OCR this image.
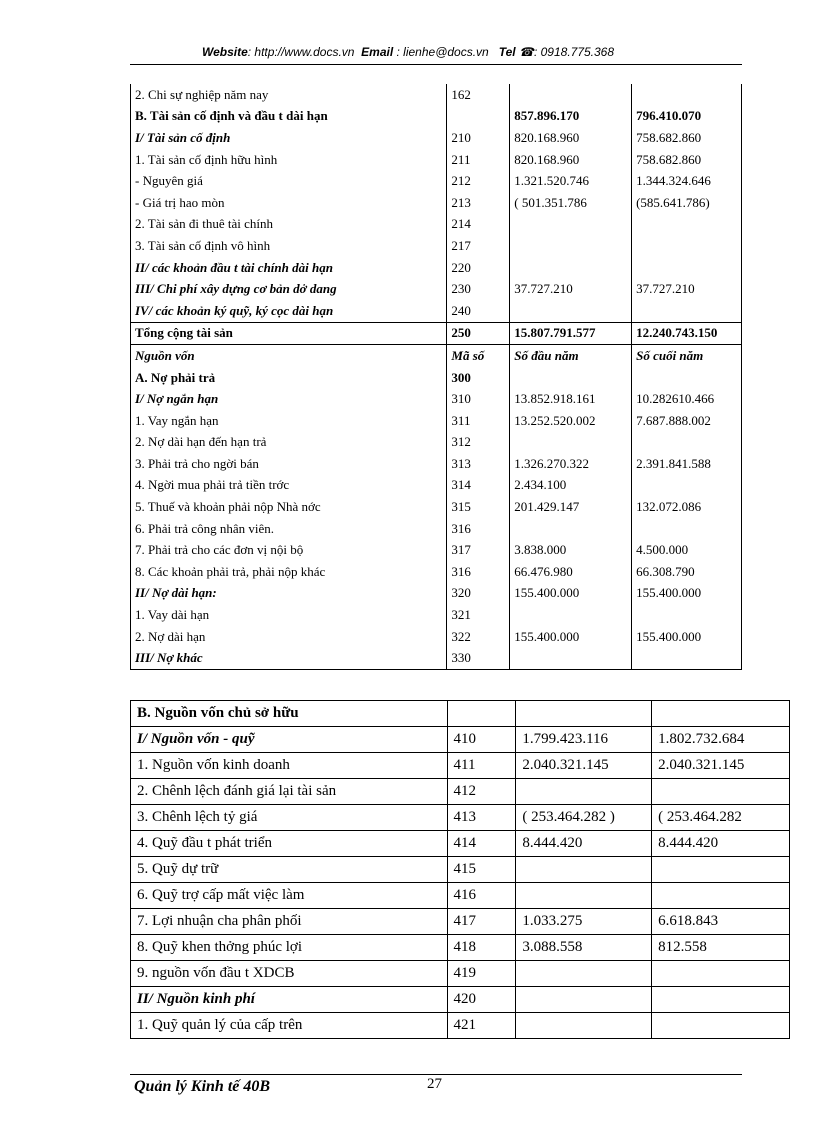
Website: http://www.docs.vn Email : lienhe@docs.vn Tel ☎: 0918.775.368
2. Chi sự nghiệp năm nay	162		
B. Tài sản cố định và đầu t dài hạn		857.896.170	796.410.070
I/ Tài sản cố định	210	820.168.960	758.682.860
1. Tài sản cố định hữu hình	211	820.168.960	758.682.860
- Nguyên giá	212	1.321.520.746	1.344.324.646
- Giá trị hao mòn	213	( 501.351.786	(585.641.786)
2. Tài sản đi thuê tài chính	214		
3. Tài sản cố định vô hình	217		
II/ các khoản đầu t tài chính dài hạn	220		
III/ Chi phí xây dựng cơ bản dở dang	230	37.727.210	37.727.210
IV/ các khoản ký quỹ, ký cọc dài hạn	240		
Tổng cộng tài sản	250	15.807.791.577	12.240.743.150
Nguồn vốn	Mã số	Số đầu năm	Số cuối năm
A. Nợ phải trả	300		
I/ Nợ ngắn hạn	310	13.852.918.161	10.282610.466
1. Vay ngắn hạn	311	13.252.520.002	7.687.888.002
2. Nợ dài hạn đến hạn trả	312		
3. Phải trả cho ngời bán	313	1.326.270.322	2.391.841.588
4. Ngời mua phải trả tiền trớc	314	2.434.100	
5. Thuế và khoản phải nộp Nhà nớc	315	201.429.147	132.072.086
6. Phải trả công nhân viên.	316		
7. Phải trả cho các đơn vị nội bộ	317	3.838.000	4.500.000
8. Các khoản phải trả, phải nộp khác	316	66.476.980	66.308.790
II/ Nợ dài hạn:	320	155.400.000	155.400.000
1. Vay dài hạn	321		
2. Nợ dài hạn	322	155.400.000	155.400.000
III/ Nợ khác	330		
B. Nguồn vốn chủ sở hữu			
I/ Nguồn vốn - quỹ	410	1.799.423.116	1.802.732.684
1. Nguồn vốn kinh doanh	411	2.040.321.145	2.040.321.145
2. Chênh lệch đánh giá lại tài sản	412		
3. Chênh lệch tỷ giá	413	( 253.464.282 )	( 253.464.282
4. Quỹ đầu t phát triển	414	8.444.420	8.444.420
5. Quỹ dự trữ	415		
6. Quỹ trợ cấp mất việc làm	416		
7. Lợi nhuận cha phân phối	417	1.033.275	6.618.843
8. Quỹ khen thởng phúc lợi	418	3.088.558	812.558
9. nguồn vốn đầu t XDCB	419		
II/ Nguồn kinh phí	420		
1. Quỹ quản lý của cấp trên	421		
Quản lý Kinh tế 40B	27
